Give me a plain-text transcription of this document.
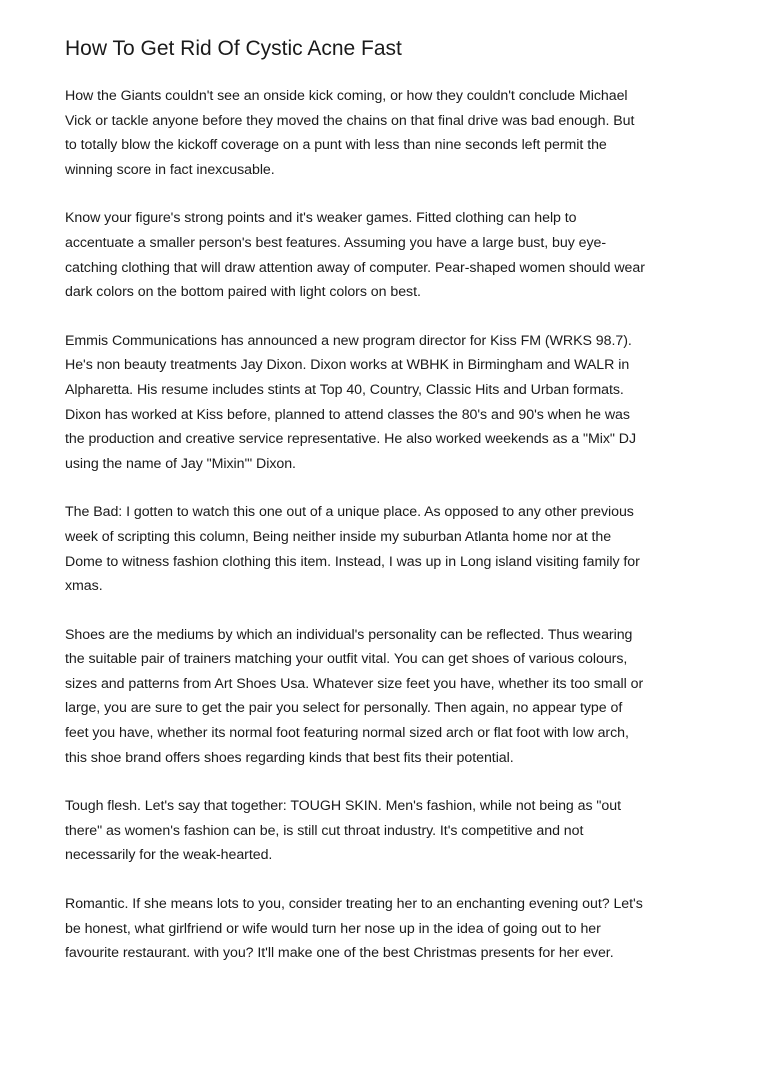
How To Get Rid Of Cystic Acne Fast
How the Giants couldn't see an onside kick coming, or how they couldn't conclude Michael
Vick or tackle anyone before they moved the chains on that final drive was bad enough. But
to totally blow the kickoff coverage on a punt with less than nine seconds left permit the
winning score in fact inexcusable.
Know your figure's strong points and it's weaker games. Fitted clothing can help to
accentuate a smaller person's best features. Assuming you have a large bust, buy eye-
catching clothing that will draw attention away of computer. Pear-shaped women should wear
dark colors on the bottom paired with light colors on best.
Emmis Communications has announced a new program director for Kiss FM (WRKS 98.7).
He's non beauty treatments Jay Dixon. Dixon works at WBHK in Birmingham and WALR in
Alpharetta. His resume includes stints at Top 40, Country, Classic Hits and Urban formats.
Dixon has worked at Kiss before, planned to attend classes the 80's and 90's when he was
the production and creative service representative. He also worked weekends as a "Mix" DJ
using the name of Jay "Mixin'" Dixon.
The Bad: I gotten to watch this one out of a unique place. As opposed to any other previous
week of scripting this column, Being neither inside my suburban Atlanta home nor at the
Dome to witness fashion clothing this item. Instead, I was up in Long island visiting family for
xmas.
Shoes are the mediums by which an individual's personality can be reflected. Thus wearing
the suitable pair of trainers matching your outfit vital. You can get shoes of various colours,
sizes and patterns from Art Shoes Usa. Whatever size feet you have, whether its too small or
large, you are sure to get the pair you select for personally. Then again, no appear type of
feet you have, whether its normal foot featuring normal sized arch or flat foot with low arch,
this shoe brand offers shoes regarding kinds that best fits their potential.
Tough flesh. Let's say that together: TOUGH SKIN. Men's fashion, while not being as "out
there" as women's fashion can be, is still cut throat industry. It's competitive and not
necessarily for the weak-hearted.
Romantic. If she means lots to you, consider treating her to an enchanting evening out? Let's
be honest, what girlfriend or wife would turn her nose up in the idea of going out to her
favourite restaurant. with you? It'll make one of the best Christmas presents for her ever.
